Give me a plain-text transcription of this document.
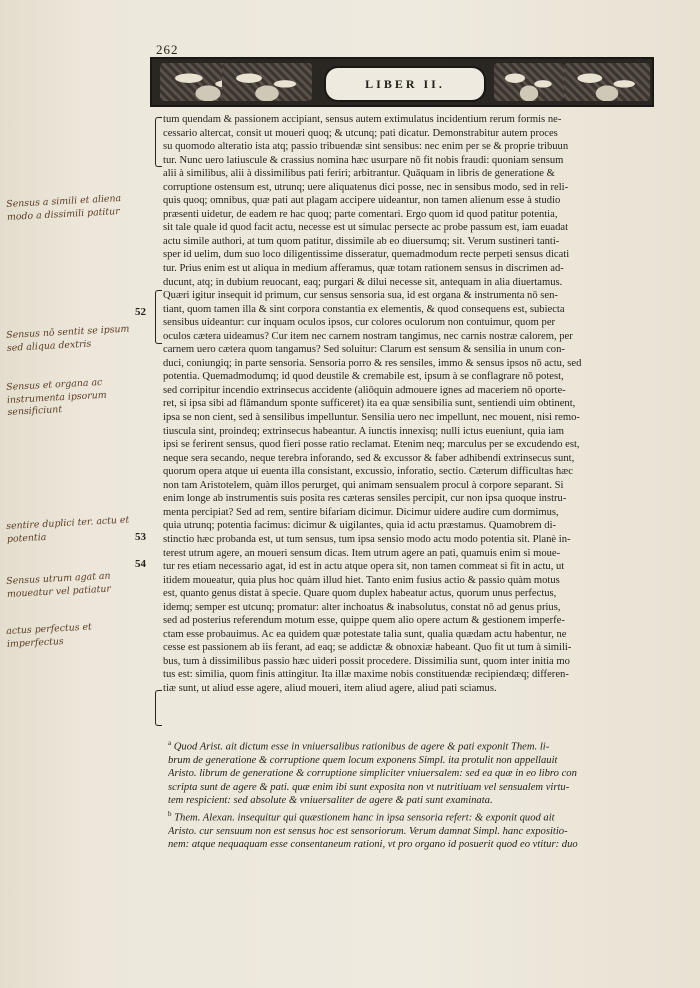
262
LIBER II.
tum quendam & passionem accipiant, sensus autem extimulatus incidentium rerum formis ne-
cessario altercat, consit ut moueri quoq; & utcunq; pati dicatur. Demonstrabitur autem proces
su quomodo alteratio ista atq; passio tribuendæ sint sensibus: nec enim per se & proprie tribuun
tur. Nunc uero latiuscule & crassius nomina hæc usurpare nō fit nobis fraudi: quoniam sensum
alii à similibus, alii à dissimilibus pati feriri; arbitrantur. Quāquam in libris de generatione &
corruptione ostensum est, utrunq; uere aliquatenus dici posse, nec in sensibus modo, sed in reli-
quis quoq; omnibus, quæ pati aut plagam accipere uideantur, non tamen alienum esse à studio
præsenti uidetur, de eadem re hac quoq; parte comentari. Ergo quom id quod patitur potentia,
sit tale quale id quod facit actu, necesse est ut simulac persecte ac probe passum est, iam euadat
actu simile authori, at tum quom patitur, dissimile ab eo diuersumq; sit. Verum sustineri tanti-
sper id uelim, dum suo loco diligentissime disseratur, quemadmodum recte perpeti sensus dicati
tur. Prius enim est ut aliqua in medium afferamus, quæ totam rationem sensus in discrimen ad-
ducunt, atq; in dubium reuocant, eaq; purgari & dilui necesse sit, antequam in alia diuertamus.
Quæri igitur insequit id primum, cur sensus sensoria sua, id est organa & instrumenta nō sen-
tiant, quom tamen illa & sint corpora constantia ex elementis, & quod consequens est, subiecta
sensibus uideantur: cur inquam oculos ipsos, cur colores oculorum non contuimur, quom per
oculos cætera uideamus? Cur item nec carnem nostram tangimus, nec carnis nostræ calorem, per
carnem uero cætera quom tangamus? Sed soluitur: Clarum est sensum & sensilia in unum con-
duci, coniungiq; in parte sensoria. Sensoria porro & res sensiles, immo & sensus ipsos nō actu, sed
potentia. Quemadmodumq; id quod deustile & cremabile est, ipsum à se conflagrare nō potest,
sed corripitur incendio extrinsecus accidente (aliōquin admouere ignes ad maceriem nō oporte-
ret, si ipsa sibi ad flāmandum sponte sufficeret) ita ea quæ sensibilia sunt, sentiendi uim obtinent,
ipsa se non cient, sed à sensilibus impelluntur. Sensilia uero nec impellunt, nec mouent, nisi remo-
tiuscula sint, proindeq; extrinsecus habeantur. A iunctis innexisq; nulli ictus eueniunt, quia iam
ipsi se ferirent sensus, quod fieri posse ratio reclamat. Etenim neq; marculus per se excudendo est,
neque sera secando, neque terebra inforando, sed & excussor & faber adhibendi extrinsecus sunt,
quorum opera atque ui euenta illa consistant, excussio, inforatio, sectio. Cæterum difficultas hæc
non tam Aristotelem, quàm illos perurget, qui animam sensualem procul à corpore separant. Si
enim longe ab instrumentis suis posita res cæteras sensiles percipit, cur non ipsa quoque instru-
menta percipiat? Sed ad rem, sentire bifariam dicimur. Dicimur uidere audire cum dormimus,
quia utrunq; potentia facimus: dicimur & uigilantes, quia id actu præstamus. Quamobrem di-
stinctio hæc probanda est, ut tum sensus, tum ipsa sensio modo actu modo potentia sit. Planè in-
terest utrum agere, an moueri sensum dicas. Item utrum agere an pati, quamuis enim si moue-
tur res etiam necessario agat, id est in actu atque opera sit, non tamen commeat si fit in actu, ut
itidem moueatur, quia plus hoc quàm illud hiet. Tanto enim fusius actio & passio quàm motus
est, quanto genus distat à specie. Quare quom duplex habeatur actus, quorum unus perfectus,
idemq; semper est utcunq; promatur: alter inchoatus & inabsolutus, constat nō ad genus prius,
sed ad posterius referendum motum esse, quippe quem alio opere actum & gestionem imperfe-
ctam esse probauimus. Ac ea quidem quæ potestate talia sunt, qualia quædam actu habentur, ne
cesse est passionem ab iis ferant, ad eaq; se addictæ & obnoxiæ habeant. Quo fit ut tum à simili-
bus, tum à dissimilibus passio hæc uideri possit procedere. Dissimilia sunt, quom inter initia mo
tus est: similia, quom finis attingitur. Ita illæ maxime nobis constituendæ recipiendæq; differen-
tiæ sunt, ut aliud esse agere, aliud moueri, item aliud agere, aliud pati sciamus.
52
53
54
Sensus a simili et aliena modo a dissimili patitur
Sensus nō sentit se ipsum sed aliqua dextris
Sensus et organa ac instrumenta ipsorum sensificiunt
sentire duplici ter. actu et potentia
Sensus utrum agat an moueatur vel patiatur
actus perfectus et imperfectus
$^a$ Quod Arist. ait dictum esse in vniuersalibus rationibus de agere & pati exponit Them. li-
brum de generatione & corruptione quem locum exponens Simpl. ita protulit non appellauit
Aristo. librum de generatione & corruptione simpliciter vniuersalem: sed ea quæ in eo libro con
scripta sunt de agere & pati. quæ enim ibi sunt exposita non vt nutritiuam vel sensualem virtu-
tem respicient: sed absolute & vniuersaliter de agere & pati sunt examinata.
$^b$ Them. Alexan. insequitur qui quæstionem hanc in ipsa sensoria refert: & exponit quod ait
Aristo. cur sensuum non est sensus hoc est sensoriorum. Verum damnat Simpl. hanc expositio-
nem: atque nequaquam esse consentaneum rationi, vt pro organo id posuerit quod eo vtitur: duo
